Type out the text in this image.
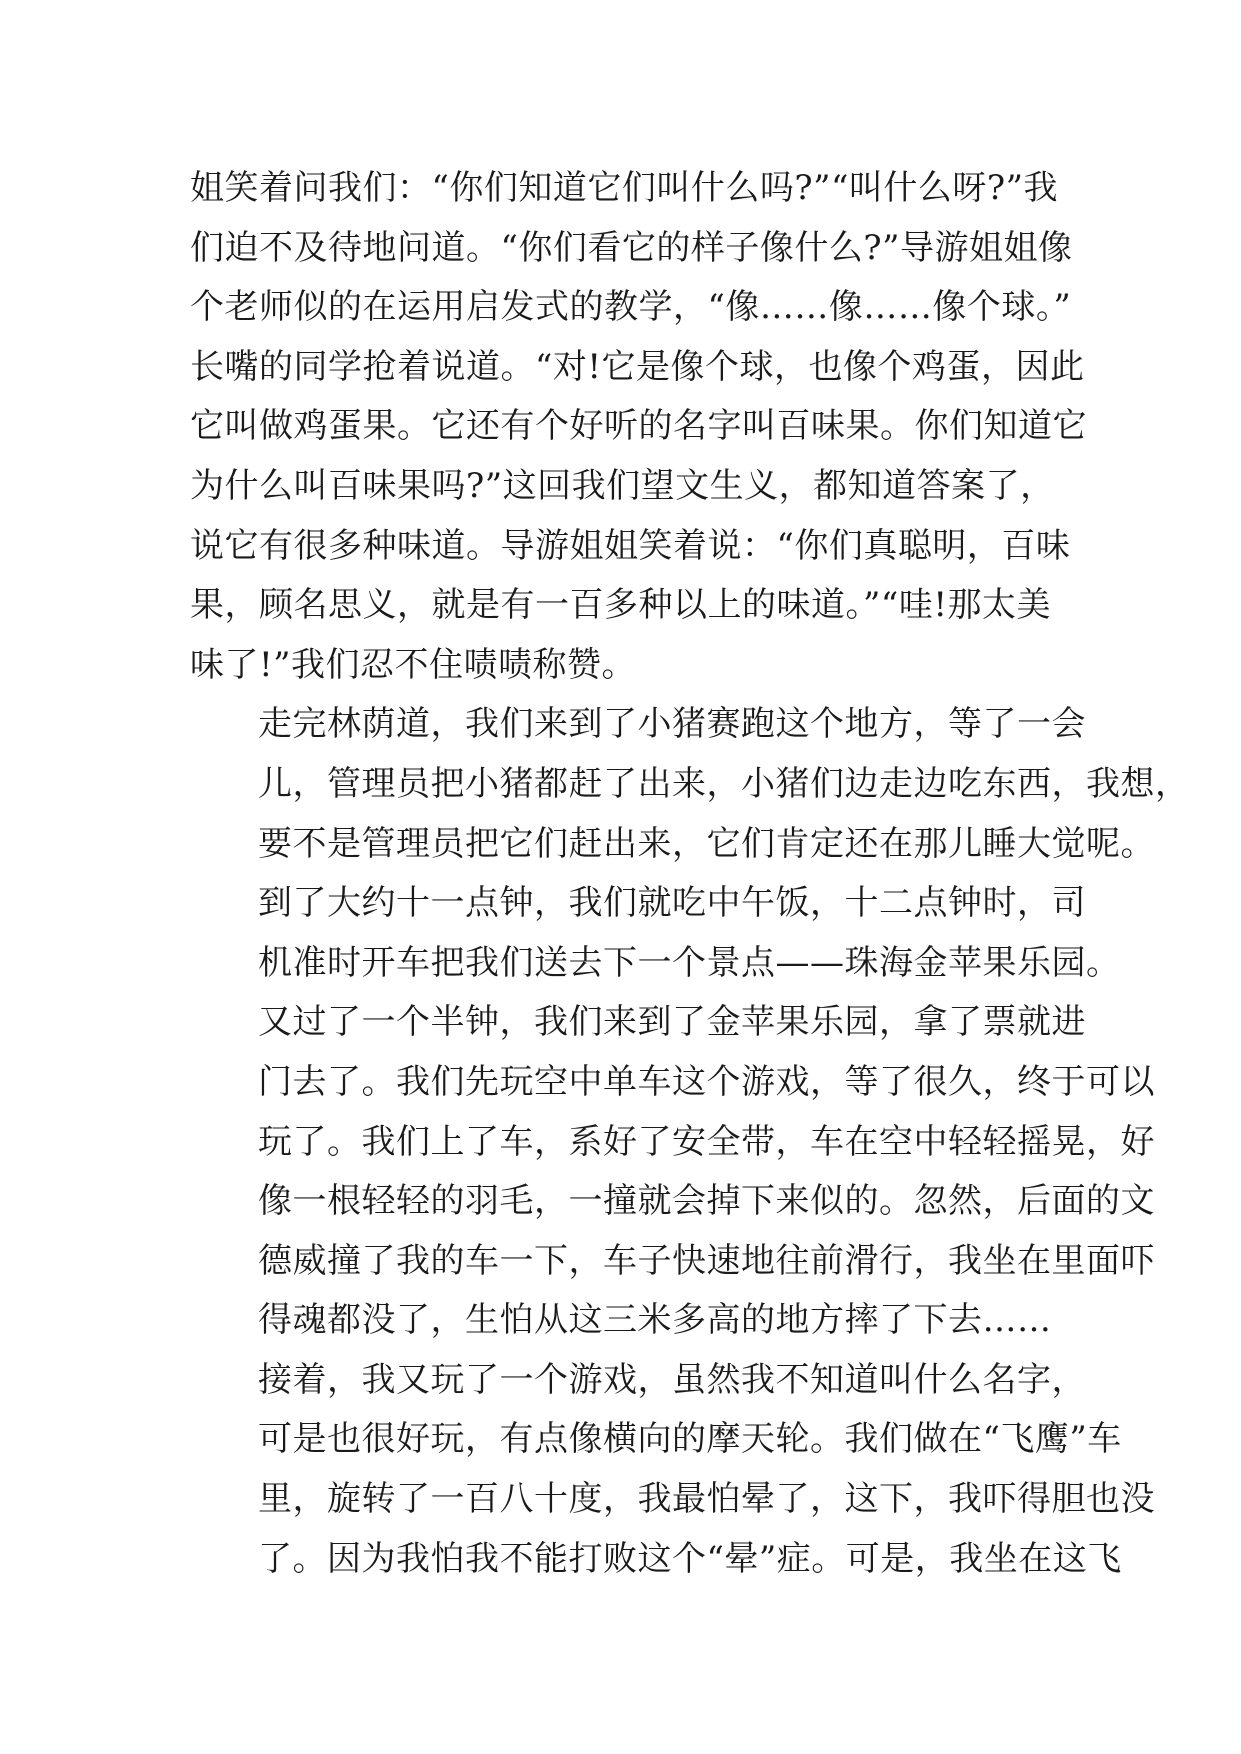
姐笑着问我们：“你们知道它们叫什么吗?”“叫什么呀?”我
们迫不及待地问道。“你们看它的样子像什么?”导游姐姐像
个老师似的在运用启发式的教学，“像……像……像个球。”
长嘴的同学抢着说道。“对!它是像个球，也像个鸡蛋，因此
它叫做鸡蛋果。它还有个好听的名字叫百味果。你们知道它
为什么叫百味果吗?”这回我们望文生义，都知道答案了，
说它有很多种味道。导游姐姐笑着说：“你们真聪明，百味
果，顾名思义，就是有一百多种以上的味道。”“哇!那太美
味了!”我们忍不住啧啧称赞。

走完林荫道，我们来到了小猪赛跑这个地方，等了一会
儿，管理员把小猪都赶了出来，小猪们边走边吃东西，我想，
要不是管理员把它们赶出来，它们肯定还在那儿睡大觉呢。

到了大约十一点钟，我们就吃中午饭，十二点钟时，司
机准时开车把我们送去下一个景点——珠海金苹果乐园。

又过了一个半钟，我们来到了金苹果乐园，拿了票就进
门去了。我们先玩空中单车这个游戏，等了很久，终于可以
玩了。我们上了车，系好了安全带，车在空中轻轻摇晃，好
像一根轻轻的羽毛，一撞就会掉下来似的。忽然，后面的文
德威撞了我的车一下，车子快速地往前滑行，我坐在里面吓
得魂都没了，生怕从这三米多高的地方摔了下去……

接着，我又玩了一个游戏，虽然我不知道叫什么名字，
可是也很好玩，有点像横向的摩天轮。我们做在“飞鹰”车
里，旋转了一百八十度，我最怕晕了，这下，我吓得胆也没
了。因为我怕我不能打败这个“晕”症。可是，我坐在这飞
